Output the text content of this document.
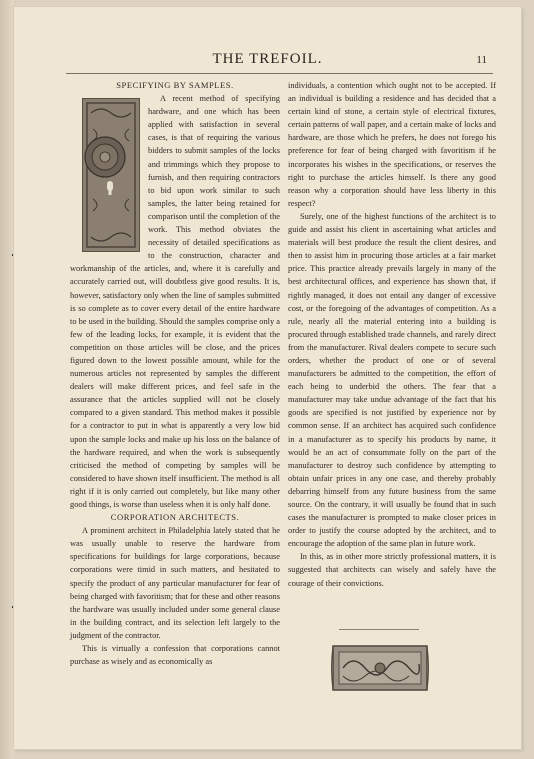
THE TREFOIL.	11

SPECIFYING BY SAMPLES.

A recent method of specifying hardware, and one which has been applied with satisfaction in several cases, is that of requiring the various bidders to submit samples of the locks and trimmings which they propose to furnish, and then requiring contractors to bid upon work similar to such samples, the latter being retained for comparison until the completion of the work. This method obviates the necessity of detailed specifications as to the construction, character and workmanship of the articles, and, where it is carefully and accurately carried out, will doubtless give good results. It is, however, satisfactory only when the line of samples submitted is so complete as to cover every detail of the entire hardware to be used in the building. Should the samples comprise only a few of the leading locks, for example, it is evident that the competition on those articles will be close, and the prices figured down to the lowest possible amount, while for the numerous articles not represented by samples the different dealers will make different prices, and feel safe in the assurance that the articles supplied will not be closely compared to a given standard. This method makes it possible for a contractor to put in what is apparently a very low bid upon the sample locks and make up his loss on the balance of the hardware required, and when the work is subsequently criticised the method of competing by samples will be considered to have shown itself insufficient. The method is all right if it is only carried out completely, but like many other good things, is worse than useless when it is only half done.

CORPORATION ARCHITECTS.

A prominent architect in Philadelphia lately stated that he was usually unable to reserve the hardware from specifications for buildings for large corporations, because corporations were timid in such matters, and hesitated to specify the product of any particular manufacturer for fear of being charged with favoritism; that for these and other reasons the hardware was usually included under some general clause in the building contract, and its selection left largely to the judgment of the contractor.

This is virtually a confession that corporations cannot purchase as wisely and as economically as

individuals, a contention which ought not to be accepted. If an individual is building a residence and has decided that a certain kind of stone, a certain style of electrical fixtures, certain patterns of wall paper, and a certain make of locks and hardware, are those which he prefers, he does not forego his preference for fear of being charged with favoritism if he incorporates his wishes in the specifications, or reserves the right to purchase the articles himself. Is there any good reason why a corporation should have less liberty in this respect?

Surely, one of the highest functions of the architect is to guide and assist his client in ascertaining what articles and materials will best produce the result the client desires, and then to assist him in procuring those articles at a fair market price. This practice already prevails largely in many of the best architectural offices, and experience has shown that, if rightly managed, it does not entail any danger of excessive cost, or the foregoing of the advantages of competition. As a rule, nearly all the material entering into a building is procured through established trade channels, and rarely direct from the manufacturer. Rival dealers compete to secure such orders, whether the product of one or of several manufacturers be admitted to the competition, the effort of each being to underbid the others. The fear that a manufacturer may take undue advantage of the fact that his goods are specified is not justified by experience nor by common sense. If an architect has acquired such confidence in a manufacturer as to specify his products by name, it would be an act of consummate folly on the part of the manufacturer to destroy such confidence by attempting to obtain unfair prices in any one case, and thereby probably debarring himself from any future business from the same source. On the contrary, it will usually be found that in such cases the manufacturer is prompted to make closer prices in order to justify the course adopted by the architect, and to encourage the adoption of the same plan in future work.

In this, as in other more strictly professional matters, it is suggested that architects can wisely and safely have the courage of their convictions.
